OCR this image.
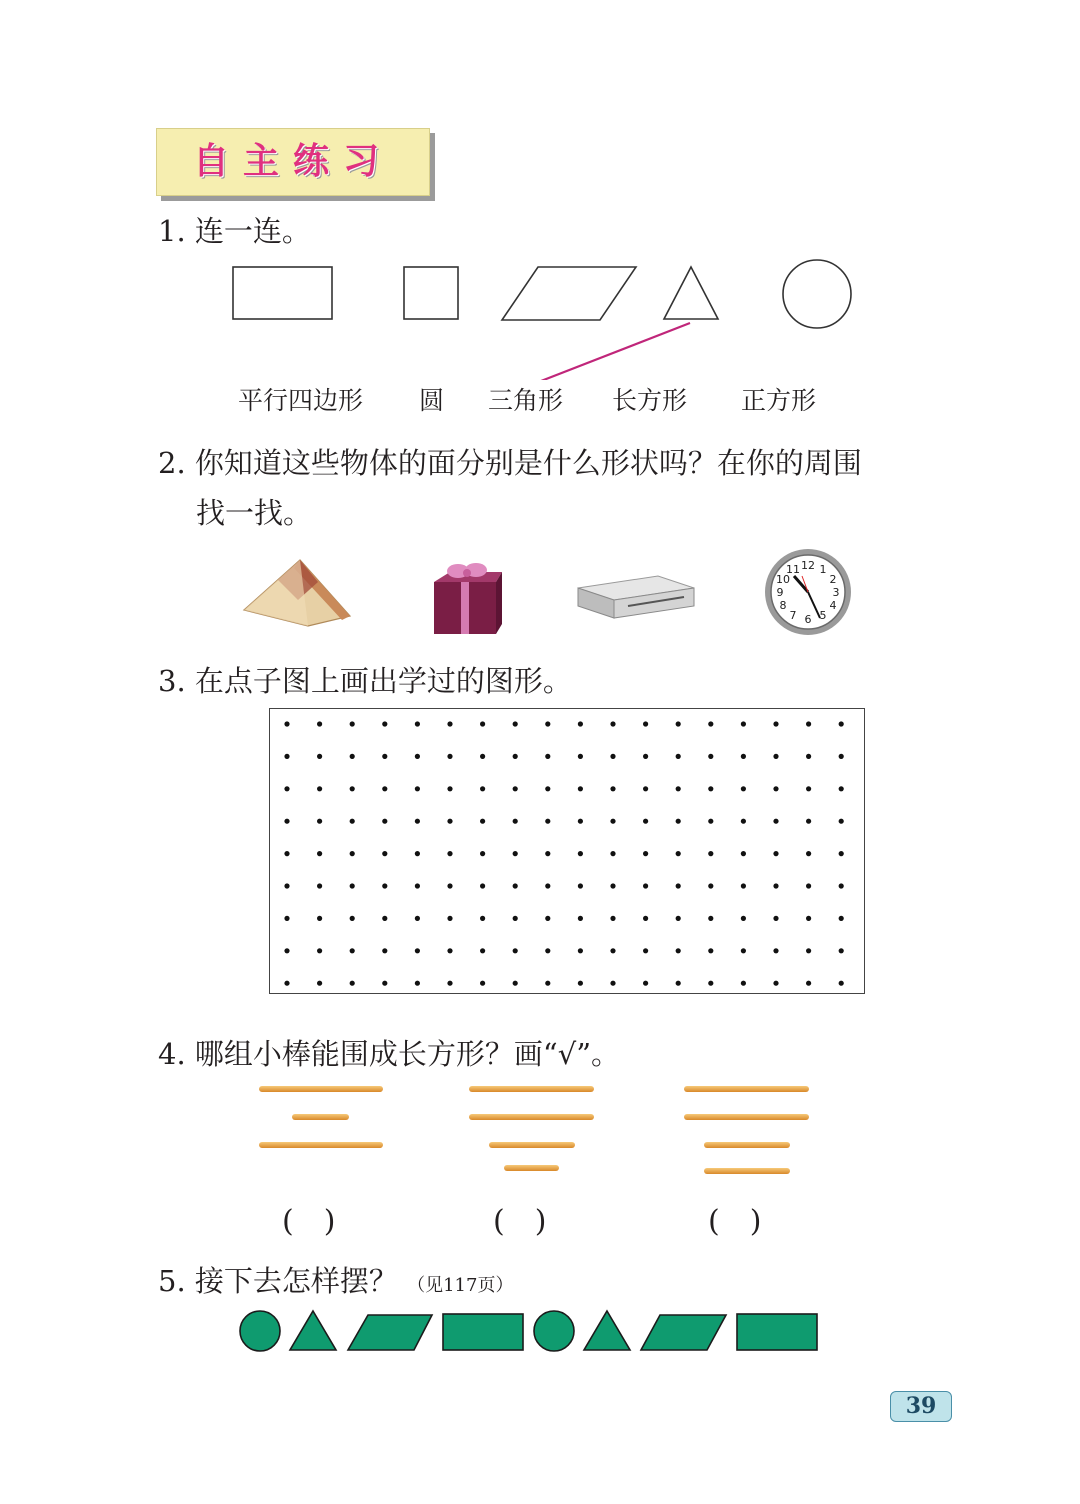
自主练习
1. 连一连。
平行四边形 圆 三角形 长方形 正方形
2. 你知道这些物体的面分别是什么形状吗？在你的周围
找一找。
12 1
2
3
4
5
6
7
8
9
10
11
3. 在点子图上画出学过的图形。
4. 哪组小棒能围成长方形？画“√”。
(　)	(　)	(　)
5. 接下去怎样摆？ （见117页）
39
